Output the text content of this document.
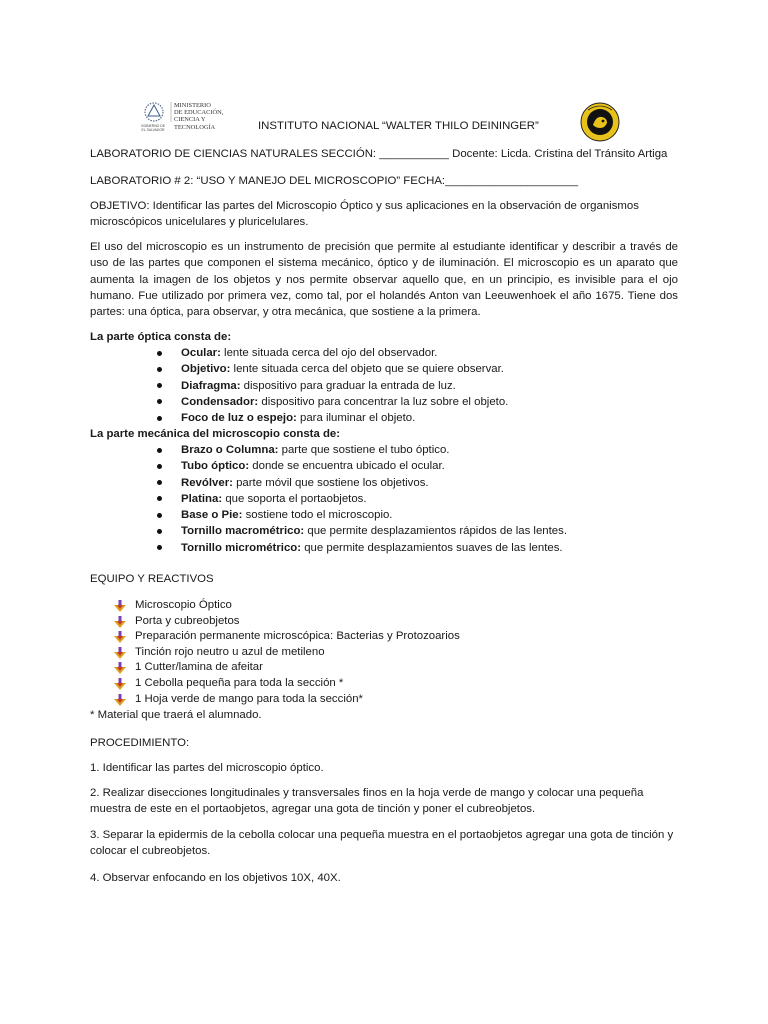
MINISTERIO
DE EDUCACIÓN,
CIENCIA Y
TECNOLOGÍA
GOBIERNO DE
EL SALVADOR	INSTITUTO NACIONAL “WALTER THILO DEININGER”
LABORATORIO DE CIENCIAS NATURALES SECCIÓN: ___________ Docente: Licda. Cristina del Tránsito Artiga
LABORATORIO # 2: “USO Y MANEJO DEL MICROSCOPIO” FECHA:_____________________
OBJETIVO: Identificar las partes del Microscopio Óptico y sus aplicaciones en la observación de organismos microscópicos unicelulares y pluricelulares.
El uso del microscopio es un instrumento de precisión que permite al estudiante identificar y describir a través de uso de las partes que componen el sistema mecánico, óptico y de iluminación. El microscopio es un aparato que aumenta la imagen de los objetos y nos permite observar aquello que, en un principio, es invisible para el ojo humano. Fue utilizado por primera vez, como tal, por el holandés Anton van Leeuwenhoek el año 1675. Tiene dos partes: una óptica, para observar, y otra mecánica, que sostiene a la primera.
La parte óptica consta de:
Ocular: lente situada cerca del ojo del observador.
Objetivo: lente situada cerca del objeto que se quiere observar.
Diafragma: dispositivo para graduar la entrada de luz.
Condensador: dispositivo para concentrar la luz sobre el objeto.
Foco de luz o espejo: para iluminar el objeto.
La parte mecánica del microscopio consta de:
Brazo o Columna: parte que sostiene el tubo óptico.
Tubo óptico: donde se encuentra ubicado el ocular.
Revólver: parte móvil que sostiene los objetivos.
Platina: que soporta el portaobjetos.
Base o Pie: sostiene todo el microscopio.
Tornillo macrométrico: que permite desplazamientos rápidos de las lentes.
Tornillo micrométrico: que permite desplazamientos suaves de las lentes.
EQUIPO Y REACTIVOS
Microscopio Óptico
Porta y cubreobjetos
Preparación permanente microscópica: Bacterias y Protozoarios
Tinción rojo neutro u azul de metileno
1 Cutter/lamina de afeitar
1 Cebolla pequeña para toda la sección *
1 Hoja verde de mango para toda la sección*
* Material que traerá el alumnado.
PROCEDIMIENTO:
1. Identificar las partes del microscopio óptico.
2. Realizar disecciones longitudinales y transversales finos en la hoja verde de mango y colocar una pequeña muestra de este en el portaobjetos, agregar una gota de tinción y poner el cubreobjetos.
3. Separar la epidermis de la cebolla colocar una pequeña muestra en el portaobjetos agregar una gota de tinción y colocar el cubreobjetos.
4. Observar enfocando en los objetivos 10X, 40X.
